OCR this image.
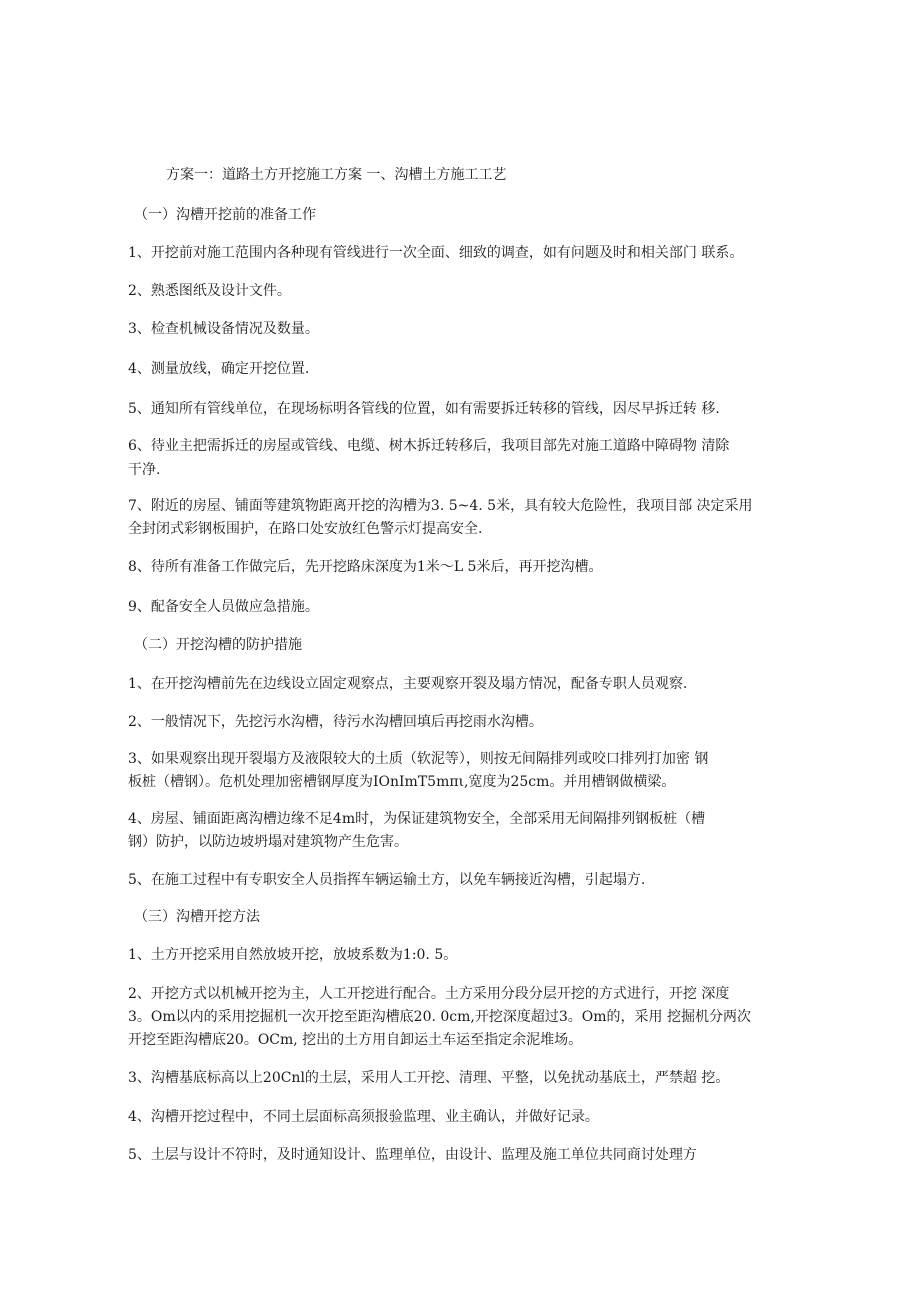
方案一：道路土方开挖施工方案 一、沟槽土方施工工艺
（一）沟槽开挖前的准备工作
1、开挖前对施工范围内各种现有管线进行一次全面、细致的调查，如有问题及时和相关部门 联系。
2、熟悉图纸及设计文件。
3、检查机械设备情况及数量。
4、测量放线，确定开挖位置.
5、通知所有管线单位，在现场标明各管线的位置，如有需要拆迁转移的管线，因尽早拆迁转 移.
6、待业主把需拆迁的房屋或管线、电缆、树木拆迁转移后，我项目部先对施工道路中障碍物 清除
干净.
7、附近的房屋、铺面等建筑物距离开挖的沟槽为3. 5~4. 5米，具有较大危险性，我项目部 决定采用
全封闭式彩钢板围护，在路口处安放红色警示灯提高安全.
8、待所有准备工作做完后，先开挖路床深度为1米〜L 5米后，再开挖沟槽。
9、配备安全人员做应急措施。
（二）开挖沟槽的防护措施
1、在开挖沟槽前先在边线设立固定观察点，主要观察开裂及塌方情况，配备专职人员观察.
2、一般情况下，先挖污水沟槽，待污水沟槽回填后再挖雨水沟槽。
3、如果观察出现开裂塌方及液限较大的土质（软泥等），则按无间隔排列或咬口排列打加密 钢
板桩（槽钢）。危机处理加密槽钢厚度为IOnImT5mπι,宽度为25cm。并用槽钢做横梁。
4、房屋、铺面距离沟槽边缘不足4m时，为保证建筑物安全，全部采用无间隔排列钢板桩（槽
钢）防护，以防边坡坍塌对建筑物产生危害。
5、在施工过程中有专职安全人员指挥车辆运输土方，以免车辆接近沟槽，引起塌方.
（三）沟槽开挖方法
1、土方开挖采用自然放坡开挖，放坡系数为1:0. 5。
2、开挖方式以机械开挖为主，人工开挖进行配合。土方采用分段分层开挖的方式进行，开挖 深度
3。Om以内的采用挖掘机一次开挖至距沟槽底20. 0cm,开挖深度超过3。Om的，采用 挖掘机分两次
开挖至距沟槽底20。OCm, 挖出的土方用自卸运土车运至指定余泥堆场。
3、沟槽基底标高以上20Cnl的土层，采用人工开挖、清理、平整，以免扰动基底土，严禁超 挖。
4、沟槽开挖过程中，不同土层面标高须报验监理、业主确认，并做好记录。
5、土层与设计不符时，及时通知设计、监理单位，由设计、监理及施工单位共同商讨处理方
